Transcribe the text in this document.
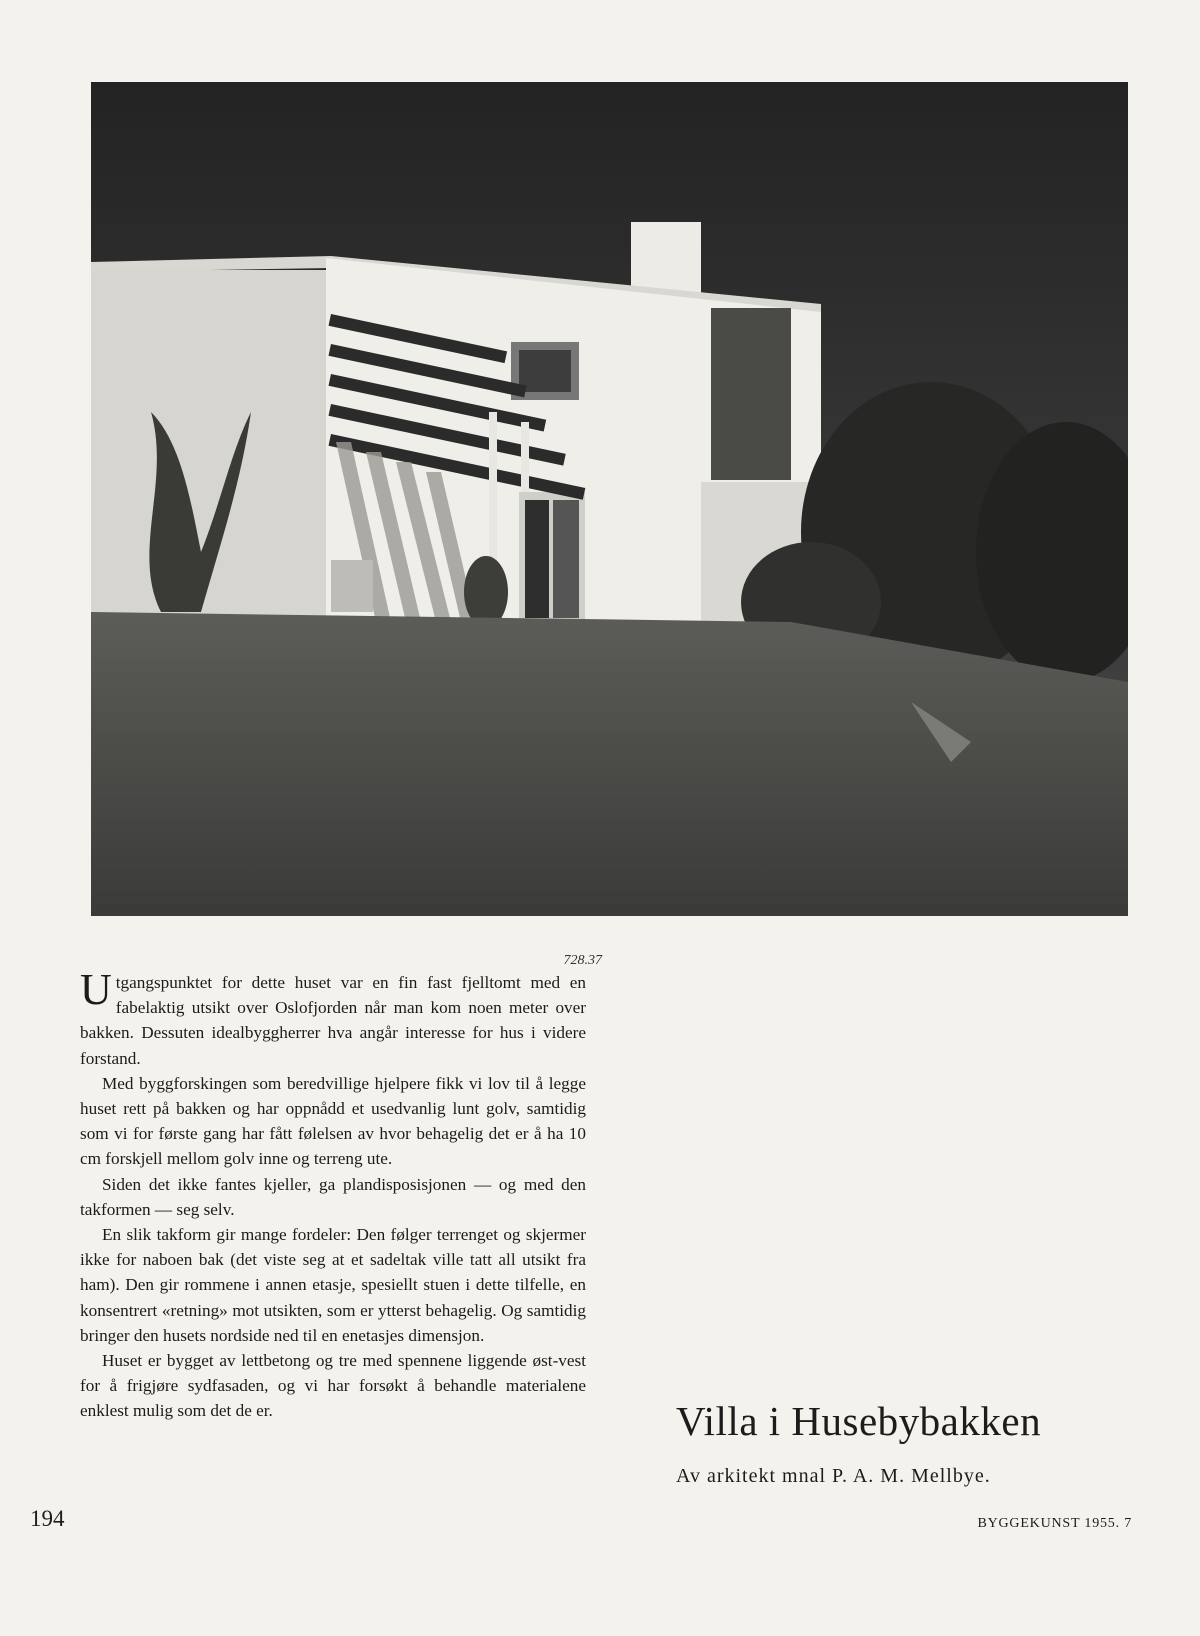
728.37

Utgangspunktet for dette huset var en fin fast fjelltomt med en fabelaktig utsikt over Oslofjorden når man kom noen meter over bakken. Dessuten idealbyggherrer hva angår interesse for hus i videre forstand.

Med byggforskingen som beredvillige hjelpere fikk vi lov til å legge huset rett på bakken og har oppnådd et usedvanlig lunt golv, samtidig som vi for første gang har fått følelsen av hvor behagelig det er å ha 10 cm forskjell mellom golv inne og terreng ute.

Siden det ikke fantes kjeller, ga plandisposisjonen — og med den takformen — seg selv.

En slik takform gir mange fordeler: Den følger terrenget og skjermer ikke for naboen bak (det viste seg at et sadeltak ville tatt all utsikt fra ham). Den gir rommene i annen etasje, spesiellt stuen i dette tilfelle, en konsentrert «retning» mot utsikten, som er ytterst behagelig. Og samtidig bringer den husets nordside ned til en enetasjes dimensjon.

Huset er bygget av lettbetong og tre med spennene liggende øst-vest for å frigjøre sydfasaden, og vi har forsøkt å behandle materialene enklest mulig som det de er.	Villa i Husebybakken
Av arkitekt mnal P. A. M. Mellbye.
194	BYGGEKUNST 1955. 7
